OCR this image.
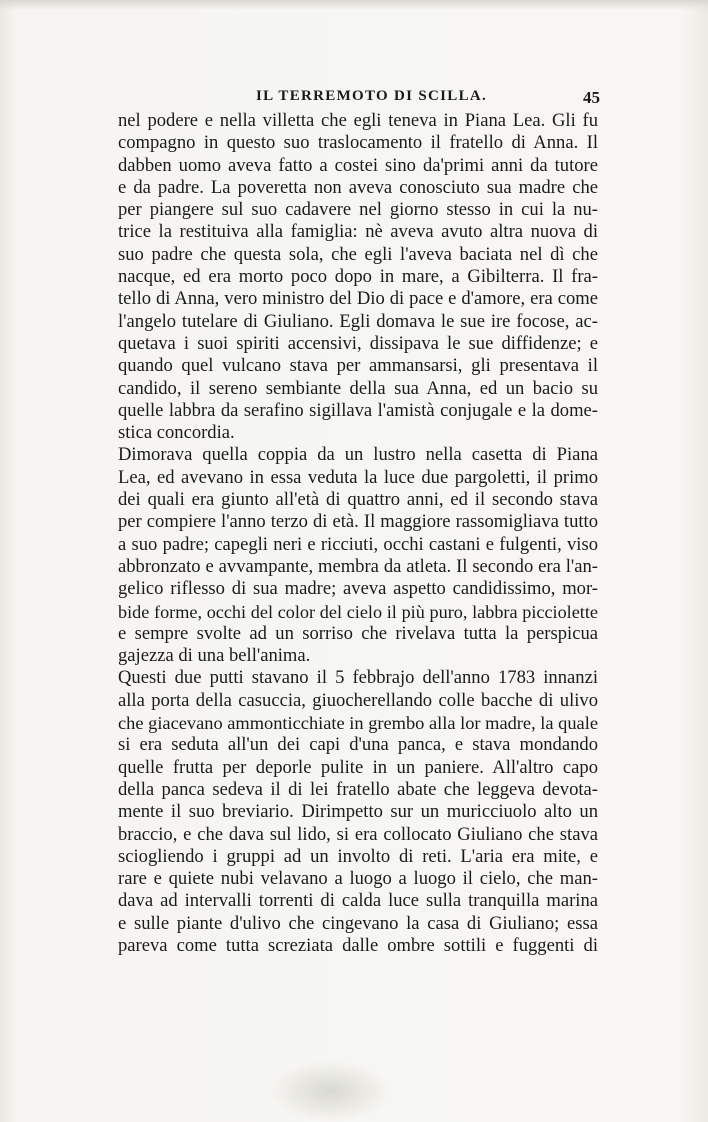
IL TERREMOTO DI SCILLA.	45
nel podere e nella villetta che egli teneva in Piana Lea. Gli fu
compagno in questo suo traslocamento il fratello di Anna. Il
dabben uomo aveva fatto a costei sino da'primi anni da tutore
e da padre. La poveretta non aveva conosciuto sua madre che
per piangere sul suo cadavere nel giorno stesso in cui la nu-
trice la restituiva alla famiglia: nè aveva avuto altra nuova di
suo padre che questa sola, che egli l'aveva baciata nel dì che
nacque, ed era morto poco dopo in mare, a Gibilterra. Il fra-
tello di Anna, vero ministro del Dio di pace e d'amore, era come
l'angelo tutelare di Giuliano. Egli domava le sue ire focose, ac-
quetava i suoi spiriti accensivi, dissipava le sue diffidenze; e
quando quel vulcano stava per ammansarsi, gli presentava il
candido, il sereno sembiante della sua Anna, ed un bacio su
quelle labbra da serafino sigillava l'amistà conjugale e la dome-
stica concordia.
Dimorava quella coppia da un lustro nella casetta di Piana
Lea, ed avevano in essa veduta la luce due pargoletti, il primo
dei quali era giunto all'età di quattro anni, ed il secondo stava
per compiere l'anno terzo di età. Il maggiore rassomigliava tutto
a suo padre; capegli neri e ricciuti, occhi castani e fulgenti, viso
abbronzato e avvampante, membra da atleta. Il secondo era l'an-
gelico riflesso di sua madre; aveva aspetto candidissimo, mor-
bide forme, occhi del color del cielo il più puro, labbra picciolette
e sempre svolte ad un sorriso che rivelava tutta la perspicua
gajezza di una bell'anima.
Questi due putti stavano il 5 febbrajo dell'anno 1783 innanzi
alla porta della casuccia, giuocherellando colle bacche di ulivo
che giacevano ammonticchiate in grembo alla lor madre, la quale
si era seduta all'un dei capi d'una panca, e stava mondando
quelle frutta per deporle pulite in un paniere. All'altro capo
della panca sedeva il di lei fratello abate che leggeva devota-
mente il suo breviario. Dirimpetto sur un muricciuolo alto un
braccio, e che dava sul lido, si era collocato Giuliano che stava
sciogliendo i gruppi ad un involto di reti. L'aria era mite, e
rare e quiete nubi velavano a luogo a luogo il cielo, che man-
dava ad intervalli torrenti di calda luce sulla tranquilla marina
e sulle piante d'ulivo che cingevano la casa di Giuliano; essa
pareva come tutta screziata dalle ombre sottili e fuggenti di
